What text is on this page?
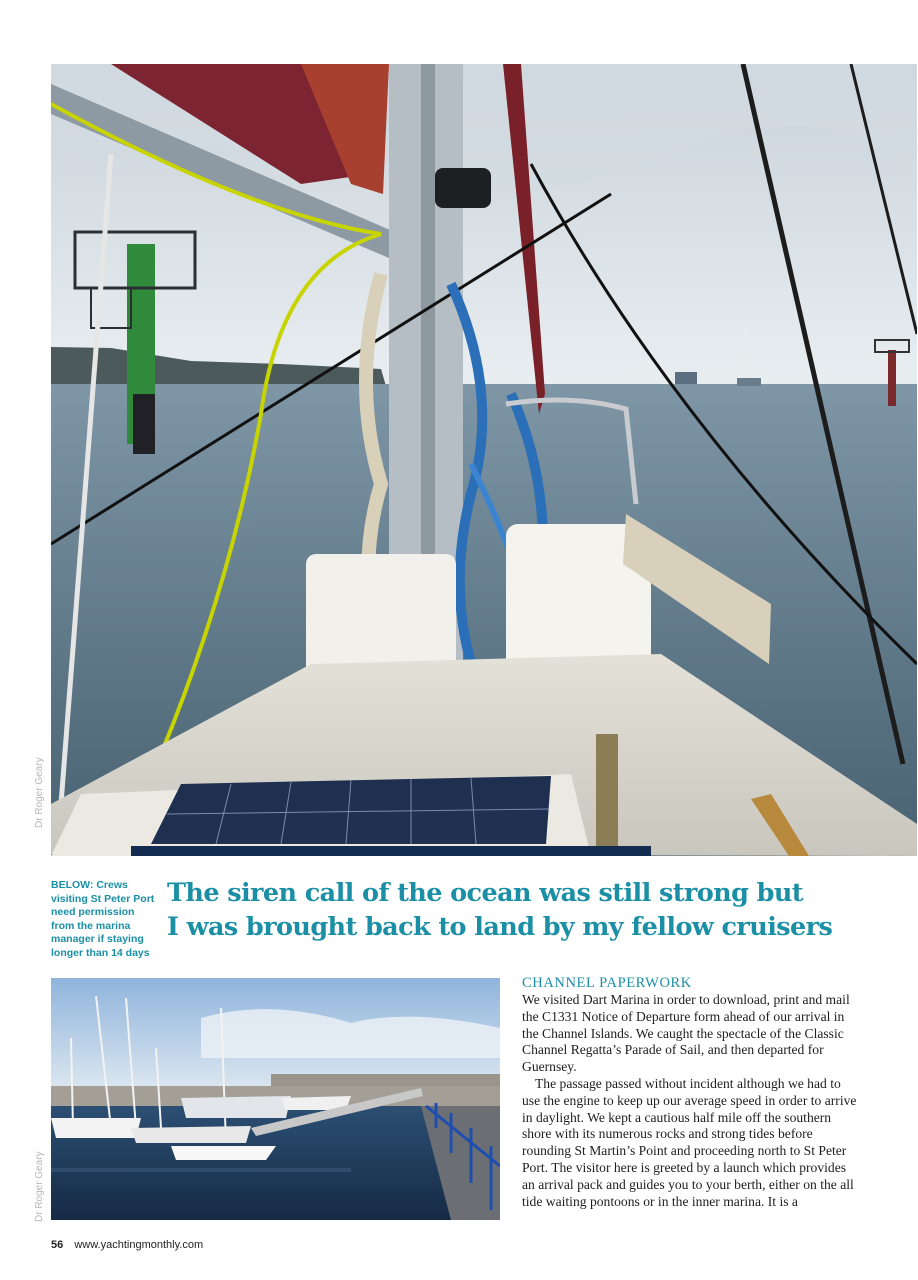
Dr Roger Geary
BELOW: Crews visiting St Peter Port need permission from the marina manager if staying longer than 14 days
The siren call of the ocean was still strong but
I was brought back to land by my fellow cruisers
Dr Roger Geary
CHANNEL PAPERWORK

We visited Dart Marina in order to download, print and mail the C1331 Notice of Departure form ahead of our arrival in the Channel Islands. We caught the spectacle of the Classic Channel Regatta’s Parade of Sail, and then departed for Guernsey.

The passage passed without incident although we had to use the engine to keep up our average speed in order to arrive in daylight. We kept a cautious half mile off the southern shore with its numerous rocks and strong tides before rounding St Martin’s Point and proceeding north to St Peter Port. The visitor here is greeted by a launch which provides an arrival pack and guides you to your berth, either on the all tide waiting pontoons or in the inner marina. It is a

56 www.yachtingmonthly.com
